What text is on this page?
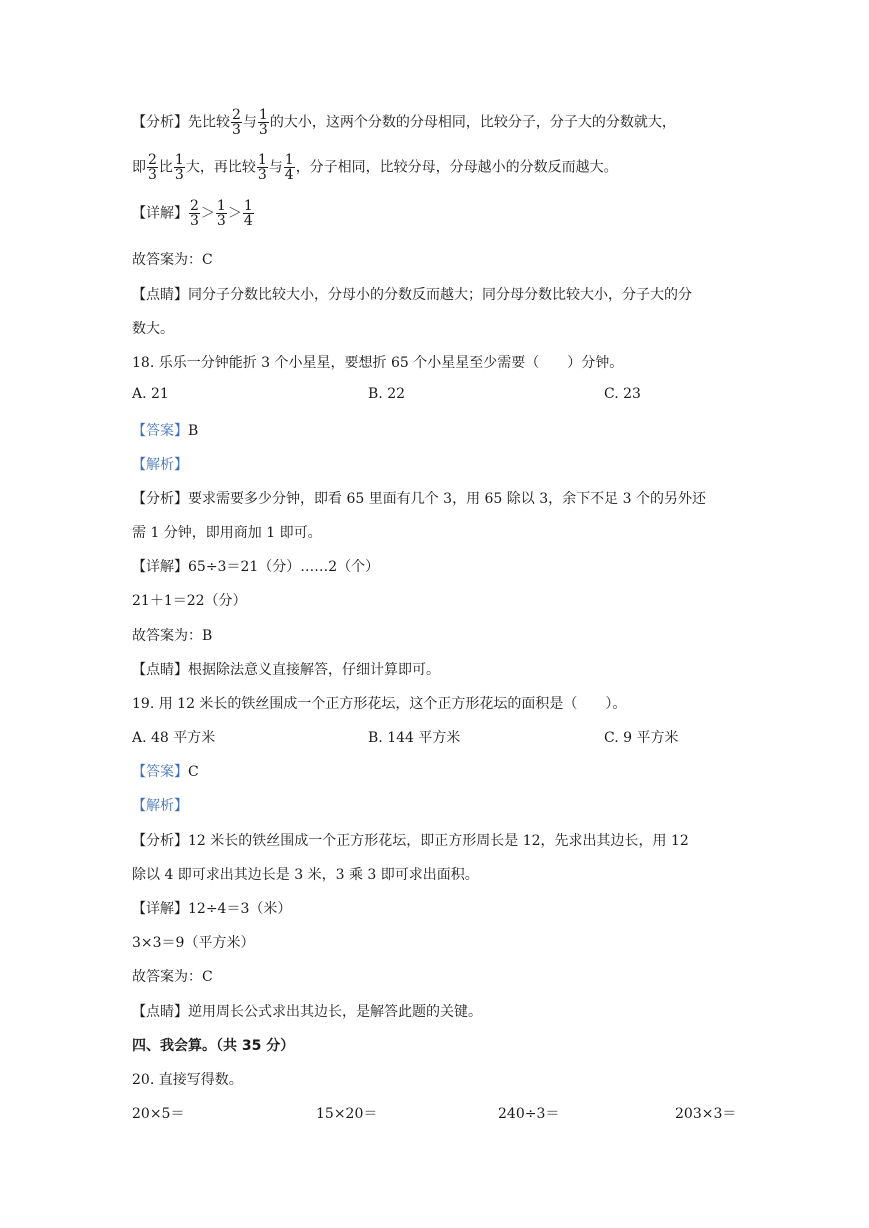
【分析】先比较 $\frac{2}{3}$ 与 $\frac{1}{3}$ 的大小，这两个分数的分母相同，比较分子，分子大的分数就大，
即 $\frac{2}{3}$ 比 $\frac{1}{3}$ 大，再比较 $\frac{1}{3}$ 与 $\frac{1}{4}$ ，分子相同，比较分母，分母越小的分数反而越大。
【详解】 $\frac{2}{3} > \frac{1}{3} > \frac{1}{4}$
故答案为：C
【点睛】同分子分数比较大小，分母小的分数反而越大；同分母分数比较大小，分子大的分
数大。
18. 乐乐一分钟能折 3 个小星星，要想折 65 个小星星至少需要（　　）分钟。
A. 21	B. 22	C. 23
【答案】B
【解析】
【分析】要求需要多少分钟，即看 65 里面有几个 3，用 65 除以 3，余下不足 3 个的另外还
需 1 分钟，即用商加 1 即可。
【详解】65÷3＝21（分）……2（个）
21＋1＝22（分）
故答案为：B
【点睛】根据除法意义直接解答，仔细计算即可。
19. 用 12 米长的铁丝围成一个正方形花坛，这个正方形花坛的面积是（　　）。
A. 48 平方米	B. 144 平方米	C. 9 平方米
【答案】C
【解析】
【分析】12 米长的铁丝围成一个正方形花坛，即正方形周长是 12，先求出其边长，用 12
除以 4 即可求出其边长是 3 米，3 乘 3 即可求出面积。
【详解】12÷4＝3（米）
3×3＝9（平方米）
故答案为：C
【点睛】逆用周长公式求出其边长，是解答此题的关键。
四、我会算。（共 35 分）
20. 直接写得数。
20×5＝	15×20＝	240÷3＝	203×3＝
